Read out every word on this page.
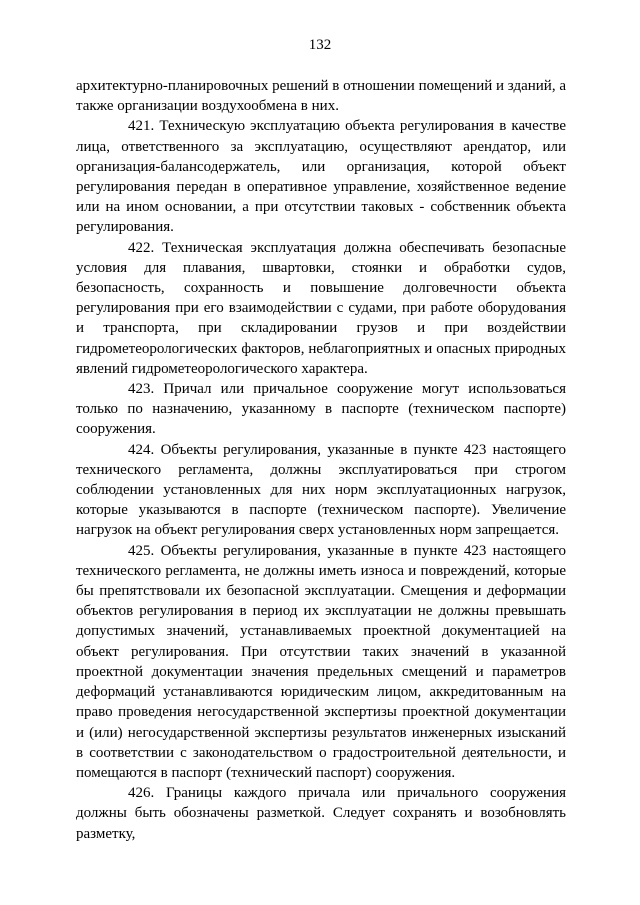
132

архитектурно-планировочных решений в отношении помещений и зданий, а также организации воздухообмена в них.

421. Техническую эксплуатацию объекта регулирования в качестве лица, ответственного за эксплуатацию, осуществляют арендатор, или организация-балансодержатель, или организация, которой объект регулирования передан в оперативное управление, хозяйственное ведение или на ином основании, а при отсутствии таковых - собственник объекта регулирования.

422. Техническая эксплуатация должна обеспечивать безопасные условия для плавания, швартовки, стоянки и обработки судов, безопасность, сохранность и повышение долговечности объекта регулирования при его взаимодействии с судами, при работе оборудования и транспорта, при складировании грузов и при воздействии гидрометеорологических факторов, неблагоприятных и опасных природных явлений гидрометеорологического характера.

423. Причал или причальное сооружение могут использоваться только по назначению, указанному в паспорте (техническом паспорте) сооружения.

424. Объекты регулирования, указанные в пункте 423 настоящего технического регламента, должны эксплуатироваться при строгом соблюдении установленных для них норм эксплуатационных нагрузок, которые указываются в паспорте (техническом паспорте). Увеличение нагрузок на объект регулирования сверх установленных норм запрещается.

425. Объекты регулирования, указанные в пункте 423 настоящего технического регламента, не должны иметь износа и повреждений, которые бы препятствовали их безопасной эксплуатации. Смещения и деформации объектов регулирования в период их эксплуатации не должны превышать допустимых значений, устанавливаемых проектной документацией на объект регулирования. При отсутствии таких значений в указанной проектной документации значения предельных смещений и параметров деформаций устанавливаются юридическим лицом, аккредитованным на право проведения негосударственной экспертизы проектной документации и (или) негосударственной экспертизы результатов инженерных изысканий в соответствии с законодательством о градостроительной деятельности, и помещаются в паспорт (технический паспорт) сооружения.

426. Границы каждого причала или причального сооружения должны быть обозначены разметкой. Следует сохранять и возобновлять разметку,
